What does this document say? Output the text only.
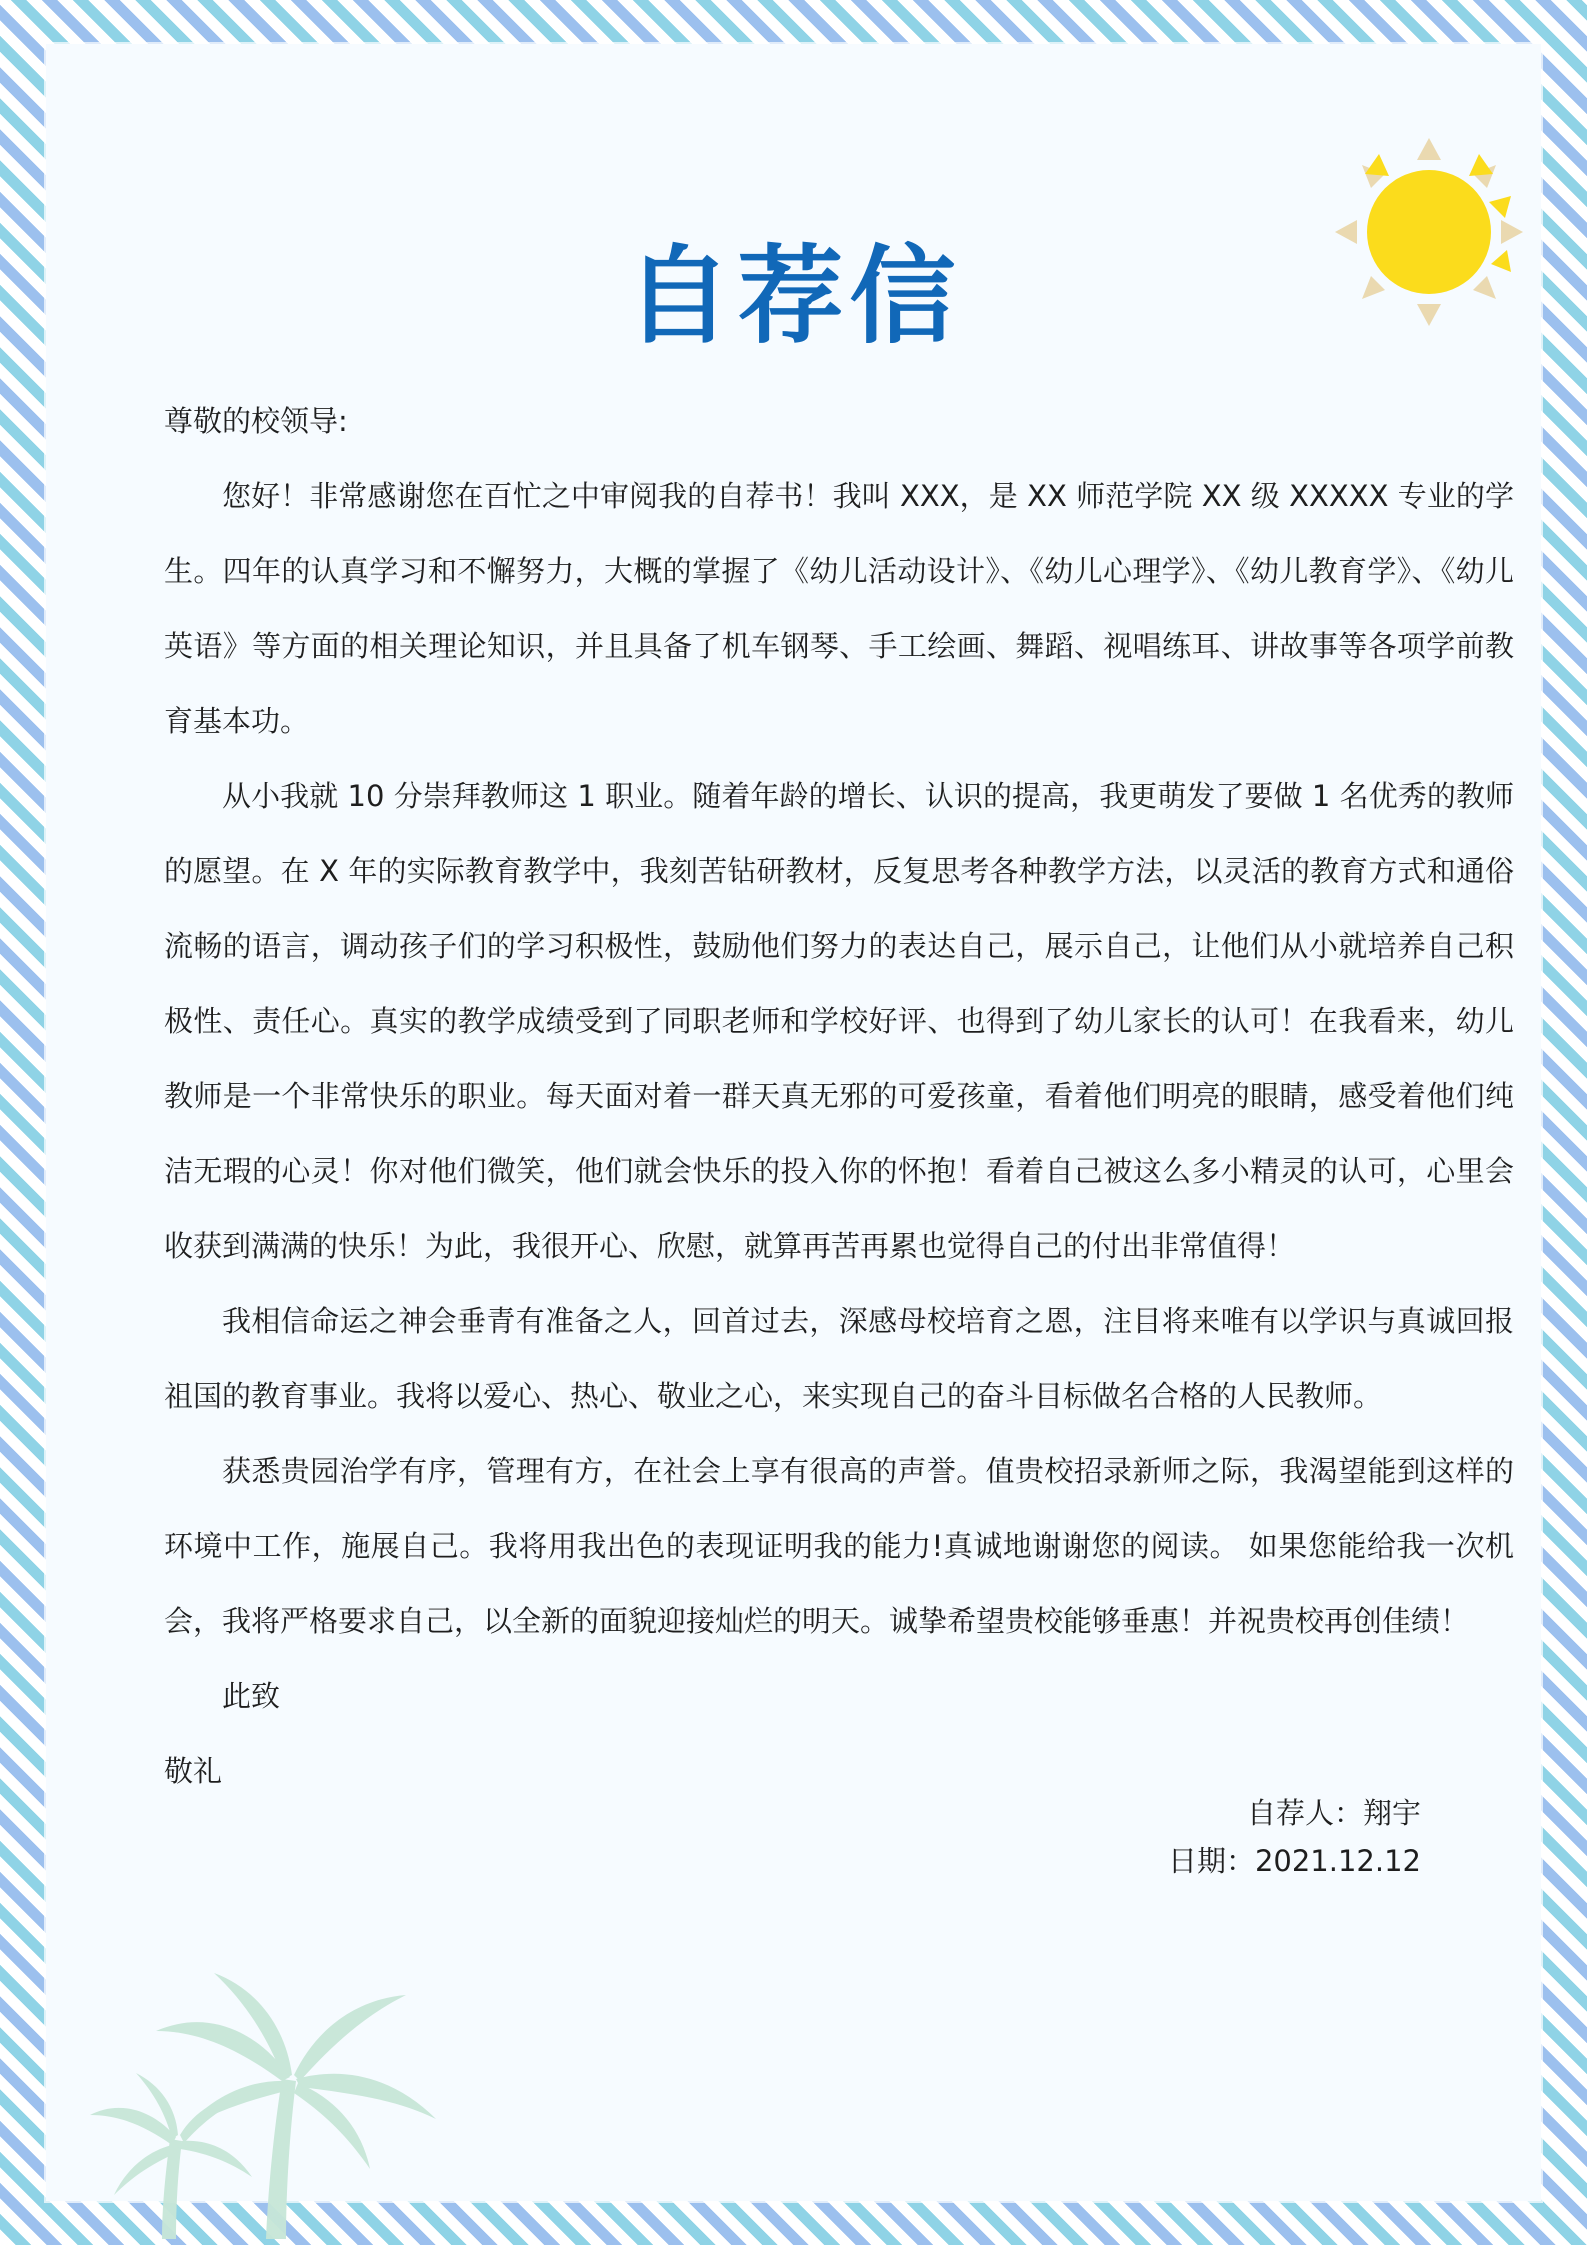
自荐信

尊敬的校领导:

您好！非常感谢您在百忙之中审阅我的自荐书！我叫 XXX，是 XX 师范学院 XX 级 XXXXX 专业的学生。四年的认真学习和不懈努力，大概的掌握了《幼儿活动设计》、《幼儿心理学》、《幼儿教育学》、《幼儿英语》等方面的相关理论知识，并且具备了机车钢琴、手工绘画、舞蹈、视唱练耳、讲故事等各项学前教育基本功。

从小我就 10 分崇拜教师这 1 职业。随着年龄的增长、认识的提高，我更萌发了要做 1 名优秀的教师的愿望。在 X 年的实际教育教学中，我刻苦钻研教材，反复思考各种教学方法，以灵活的教育方式和通俗流畅的语言，调动孩子们的学习积极性，鼓励他们努力的表达自己，展示自己，让他们从小就培养自己积极性、责任心。真实的教学成绩受到了同职老师和学校好评、也得到了幼儿家长的认可！在我看来，幼儿教师是一个非常快乐的职业。每天面对着一群天真无邪的可爱孩童，看着他们明亮的眼睛，感受着他们纯洁无瑕的心灵！你对他们微笑，他们就会快乐的投入你的怀抱！看着自己被这么多小精灵的认可，心里会收获到满满的快乐！为此，我很开心、欣慰，就算再苦再累也觉得自己的付出非常值得！

我相信命运之神会垂青有准备之人，回首过去，深感母校培育之恩，注目将来唯有以学识与真诚回报祖国的教育事业。我将以爱心、热心、敬业之心，来实现自己的奋斗目标做名合格的人民教师。

获悉贵园治学有序，管理有方，在社会上享有很高的声誉。值贵校招录新师之际，我渴望能到这样的环境中工作，施展自己。我将用我出色的表现证明我的能力!真诚地谢谢您的阅读。 如果您能给我一次机会，我将严格要求自己，以全新的面貌迎接灿烂的明天。诚挚希望贵校能够垂惠！并祝贵校再创佳绩！

此致

敬礼

自荐人：翔宇
日期：2021.12.12
